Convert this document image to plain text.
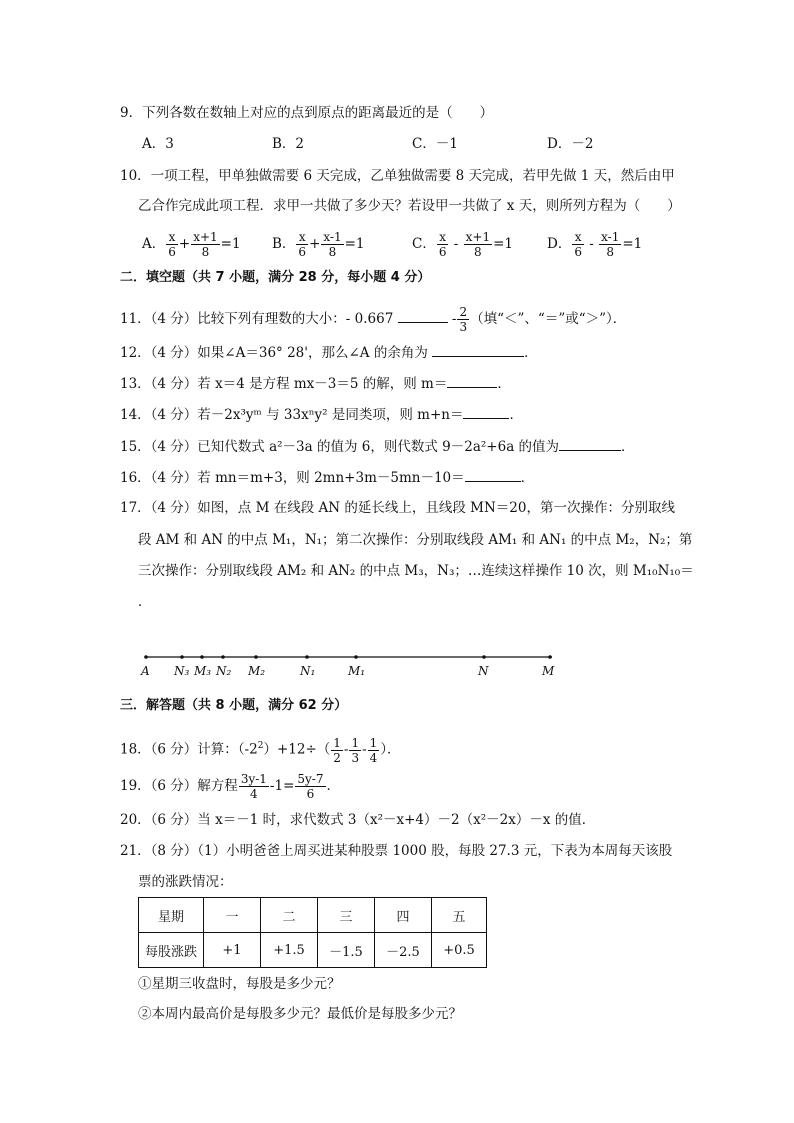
9．下列各数在数轴上对应的点到原点的距离最近的是（　　）
A．3	B．2	C．－1	D．－2
10．一项工程，甲单独做需要 6 天完成，乙单独做需要 8 天完成，若甲先做 1 天，然后由甲
乙合作完成此项工程．求甲一共做了多少天？若设甲一共做了 x 天，则所列方程为（　　）
A． $\frac{x}{6} + \frac{x+1}{8} =1$ B． $\frac{x}{6} + \frac{x-1}{8} =1$	C． $\frac{x}{6} - \frac{x+1}{8} =1$	D． $\frac{x}{6} - \frac{x-1}{8} =1$
二．填空题（共 7 小题，满分 28 分，每小题 4 分）
11．（4 分）比较下列有理数的大小：- 0.667	- $\frac{2}{3}$ （填“＜”、“＝”或“＞”）．
12．（4 分）如果∠A＝36° 28'，那么∠A 的余角为	．
13．（4 分）若 x＝4 是方程 mx－3＝5 的解，则 m＝	．
14．（4 分）若－2x³yᵐ 与 33xⁿy² 是同类项，则 m+n＝	．
15．（4 分）已知代数式 a²－3a 的值为 6，则代数式 9－2a²+6a 的值为	．
16．（4 分）若 mn＝m+3，则 2mn+3m－5mn－10＝	．
17．（4 分）如图，点 M 在线段 AN 的延长线上，且线段 MN＝20，第一次操作：分别取线
段 AM 和 AN 的中点 M₁，N₁；第二次操作：分别取线段 AM₁ 和 AN₁ 的中点 M₂，N₂；第
三次操作：分别取线段 AM₂ 和 AN₂ 的中点 M₃，N₃；…连续这样操作 10 次，则 M₁₀N₁₀＝
．
A N₃ M₃ N₂ M₂	N₁	M₁	N	M
三．解答题（共 8 小题，满分 62 分）
18．（6 分）计算：$(-2^2)+12\div( \frac{1}{2} - \frac{1}{3} - \frac{1}{4}$ ）．
19．（6 分）解方程 $\frac{3y-1}{4} -1= \frac{5y-7}{6}$ ．
20．（6 分）当 x＝－1 时，求代数式 3（x²－x+4）－2（x²－2x）－x 的值．
21．（8 分）（1）小明爸爸上周买进某种股票 1000 股，每股 27.3 元，下表为本周每天该股
票的涨跌情况：
星期	一	二	三	四	五
每股涨跌	+1	+1.5	－1.5	－2.5	+0.5
①星期三收盘时，每股是多少元？
②本周内最高价是每股多少元？最低价是每股多少元？
